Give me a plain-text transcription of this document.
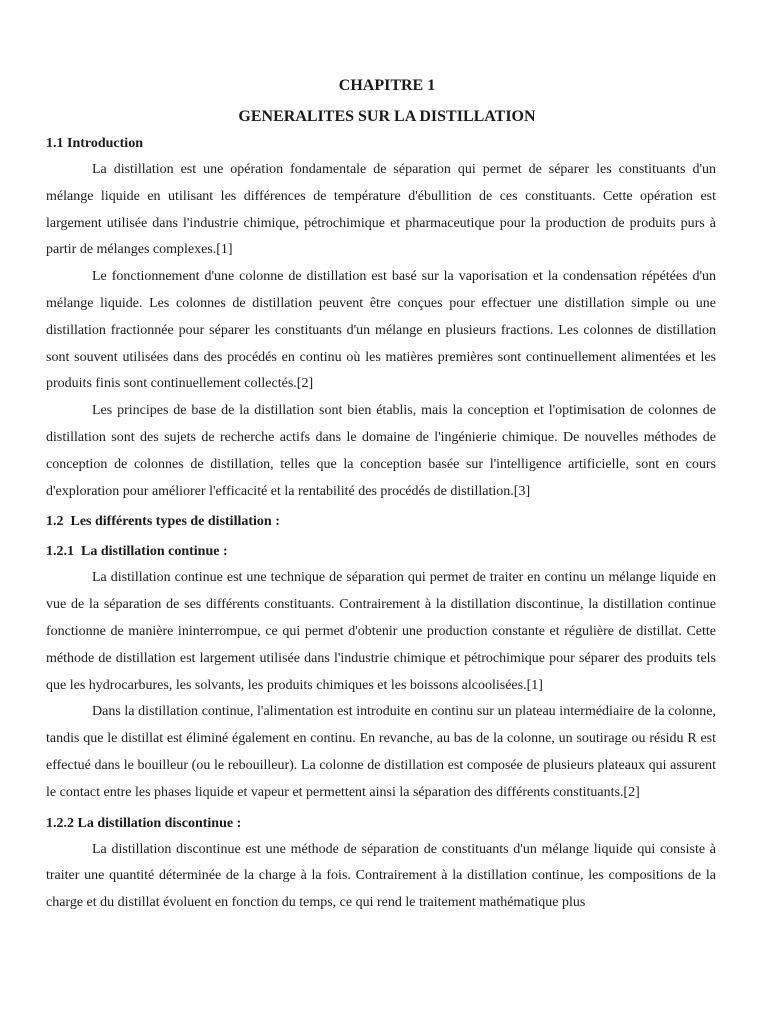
CHAPITRE 1
GENERALITES SUR LA DISTILLATION
1.1 Introduction

La distillation est une opération fondamentale de séparation qui permet de séparer les constituants d'un mélange liquide en utilisant les différences de température d'ébullition de ces constituants. Cette opération est largement utilisée dans l'industrie chimique, pétrochimique et pharmaceutique pour la production de produits purs à partir de mélanges complexes.[1]

Le fonctionnement d'une colonne de distillation est basé sur la vaporisation et la condensation répétées d'un mélange liquide. Les colonnes de distillation peuvent être conçues pour effectuer une distillation simple ou une distillation fractionnée pour séparer les constituants d'un mélange en plusieurs fractions. Les colonnes de distillation sont souvent utilisées dans des procédés en continu où les matières premières sont continuellement alimentées et les produits finis sont continuellement collectés.[2]

Les principes de base de la distillation sont bien établis, mais la conception et l'optimisation de colonnes de distillation sont des sujets de recherche actifs dans le domaine de l'ingénierie chimique. De nouvelles méthodes de conception de colonnes de distillation, telles que la conception basée sur l'intelligence artificielle, sont en cours d'exploration pour améliorer l'efficacité et la rentabilité des procédés de distillation.[3]

1.2  Les différents types de distillation :
1.2.1  La distillation continue :

La distillation continue est une technique de séparation qui permet de traiter en continu un mélange liquide en vue de la séparation de ses différents constituants. Contrairement à la distillation discontinue, la distillation continue fonctionne de manière ininterrompue, ce qui permet d'obtenir une production constante et régulière de distillat. Cette méthode de distillation est largement utilisée dans l'industrie chimique et pétrochimique pour séparer des produits tels que les hydrocarbures, les solvants, les produits chimiques et les boissons alcoolisées.[1]

Dans la distillation continue, l'alimentation est introduite en continu sur un plateau intermédiaire de la colonne, tandis que le distillat est éliminé également en continu. En revanche, au bas de la colonne, un soutirage ou résidu R est effectué dans le bouilleur (ou le rebouilleur). La colonne de distillation est composée de plusieurs plateaux qui assurent le contact entre les phases liquide et vapeur et permettent ainsi la séparation des différents constituants.[2]

1.2.2 La distillation discontinue :

La distillation discontinue est une méthode de séparation de constituants d'un mélange liquide qui consiste à traiter une quantité déterminée de la charge à la fois. Contrairement à la distillation continue, les compositions de la charge et du distillat évoluent en fonction du temps, ce qui rend le traitement mathématique plus
